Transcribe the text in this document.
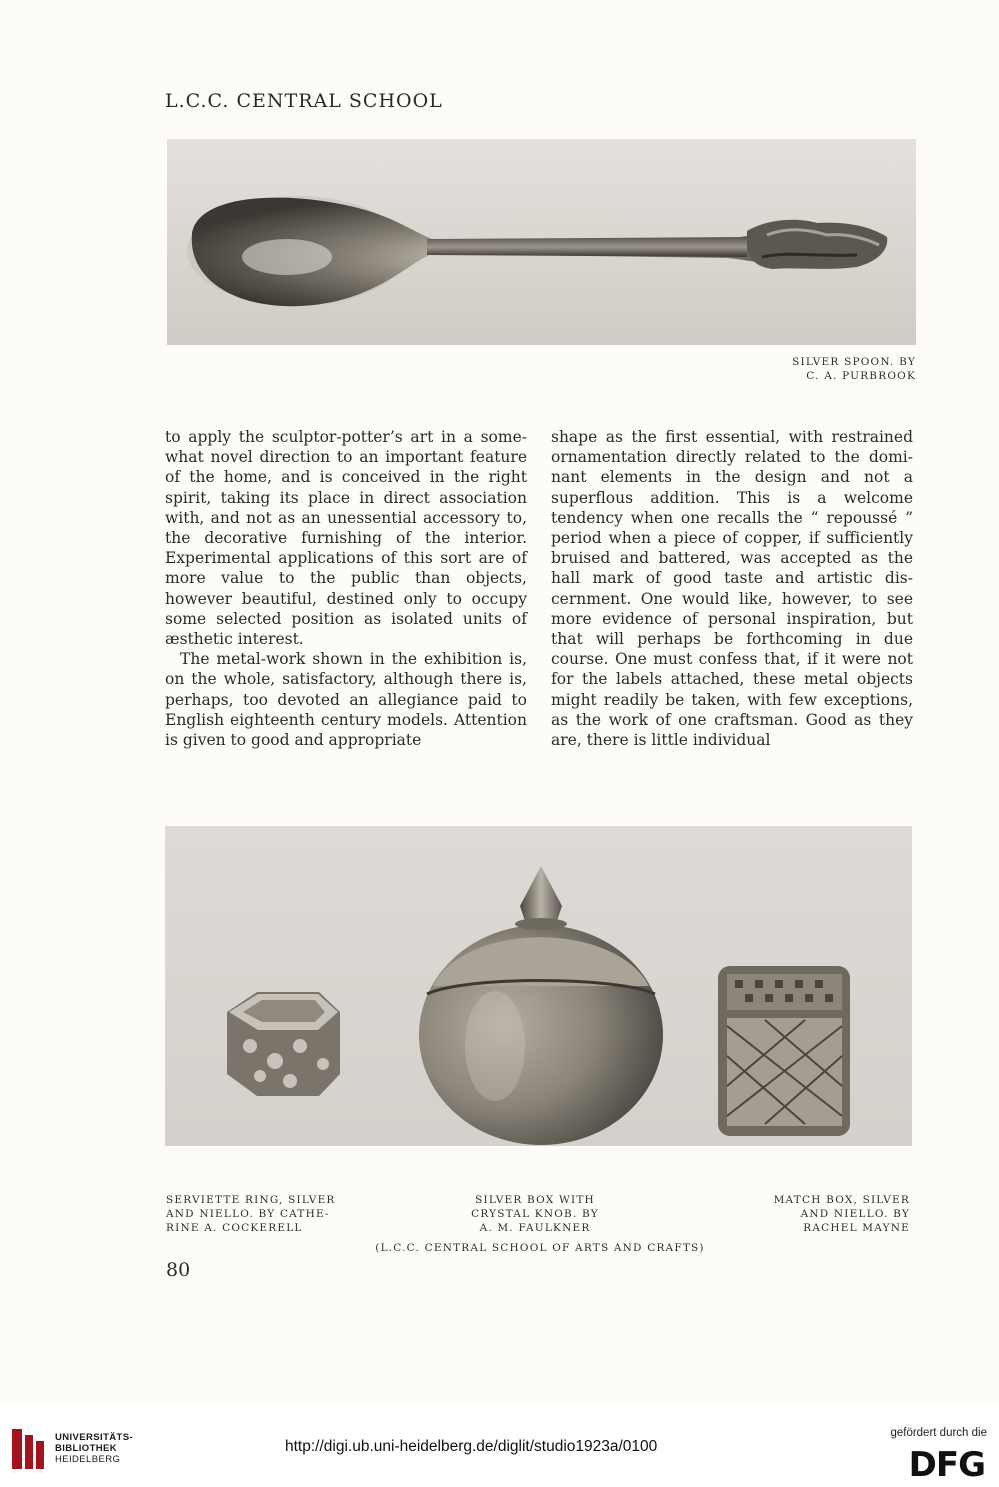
L.C.C. CENTRAL SCHOOL
SILVER SPOON. BY
C. A. PURBROOK

to apply the sculptor-potter’s art in a some-what novel direction to an important feature of the home, and is conceived in the right spirit, taking its place in direct association with, and not as an unessential accessory to, the decorative furnishing of the interior. Experimental applications of this sort are of more value to the public than objects, however beautiful, destined only to occupy some selected position as isolated units of æsthetic interest.

The metal-work shown in the exhibition is, on the whole, satisfactory, although there is, perhaps, too devoted an allegiance paid to English eighteenth century models. Attention is given to good and appropriate

shape as the first essential, with restrained ornamentation directly related to the domi-nant elements in the design and not a superflous addition. This is a welcome tendency when one recalls the “ repoussé ” period when a piece of copper, if sufficiently bruised and battered, was accepted as the hall mark of good taste and artistic dis-cernment. One would like, however, to see more evidence of personal inspiration, but that will perhaps be forthcoming in due course. One must confess that, if it were not for the labels attached, these metal objects might readily be taken, with few exceptions, as the work of one craftsman. Good as they are, there is little individual

SERVIETTE RING, SILVER
AND NIELLO. BY CATHE-
RINE A. COCKERELL
SILVER BOX WITH
CRYSTAL KNOB. BY
A. M. FAULKNER
MATCH BOX, SILVER
AND NIELLO. BY
RACHEL MAYNE
(L.C.C. CENTRAL SCHOOL OF ARTS AND CRAFTS)
80
UNIVERSITÄTS-
BIBLIOTHEK
HEIDELBERG
http://digi.ub.uni-heidelberg.de/diglit/studio1923a/0100
gefördert durch die
DFG
